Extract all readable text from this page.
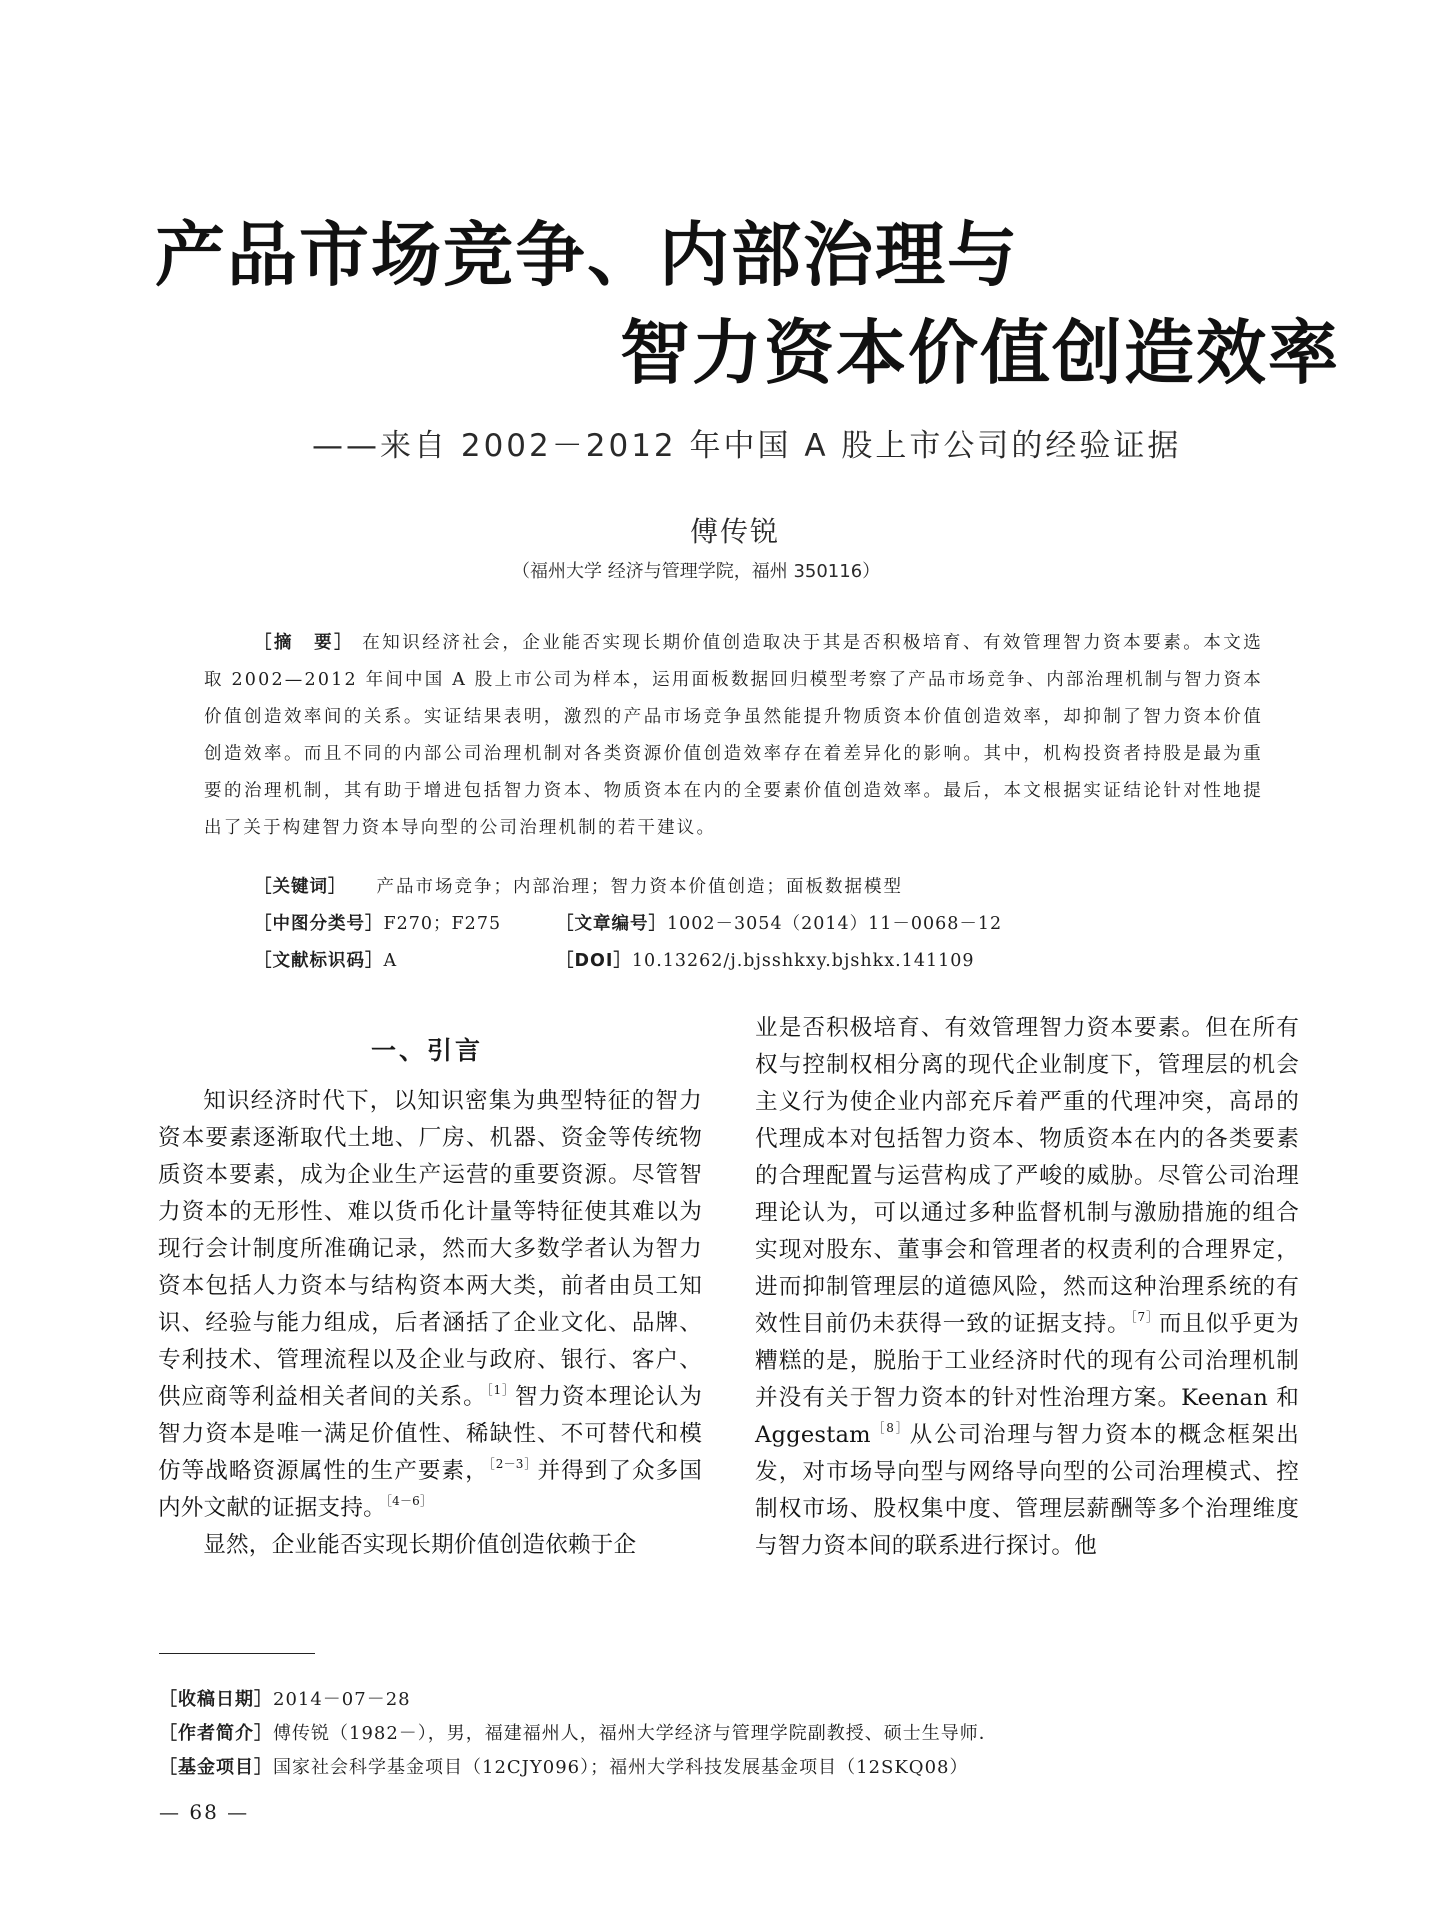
产品市场竞争、内部治理与
智力资本价值创造效率
——来自 2002－2012 年中国 A 股上市公司的经验证据
傅传锐
（福州大学 经济与管理学院，福州 350116）
［摘　要］ 在知识经济社会，企业能否实现长期价值创造取决于其是否积极培育、有效管理智力资本要素。本文选取 2002—2012 年间中国 A 股上市公司为样本，运用面板数据回归模型考察了产品市场竞争、内部治理机制与智力资本价值创造效率间的关系。实证结果表明，激烈的产品市场竞争虽然能提升物质资本价值创造效率，却抑制了智力资本价值创造效率。而且不同的内部公司治理机制对各类资源价值创造效率存在着差异化的影响。其中，机构投资者持股是最为重要的治理机制，其有助于增进包括智力资本、物质资本在内的全要素价值创造效率。最后，本文根据实证结论针对性地提出了关于构建智力资本导向型的公司治理机制的若干建议。
［关键词］ 产品市场竞争；内部治理；智力资本价值创造；面板数据模型
［中图分类号］F270；F275	［文章编号］1002－3054（2014）11－0068－12
［文献标识码］A	［DOI］10.13262/j.bjsshkxy.bjshkx.141109
一、引言

知识经济时代下，以知识密集为典型特征的智力资本要素逐渐取代土地、厂房、机器、资金等传统物质资本要素，成为企业生产运营的重要资源。尽管智力资本的无形性、难以货币化计量等特征使其难以为现行会计制度所准确记录，然而大多数学者认为智力资本包括人力资本与结构资本两大类，前者由员工知识、经验与能力组成，后者涵括了企业文化、品牌、专利技术、管理流程以及企业与政府、银行、客户、供应商等利益相关者间的关系。$^{[1]}$智力资本理论认为智力资本是唯一满足价值性、稀缺性、不可替代和模仿等战略资源属性的生产要素，$^{[2-3]}$并得到了众多国内外文献的证据支持。$^{[4-6]}$

显然，企业能否实现长期价值创造依赖于企

业是否积极培育、有效管理智力资本要素。但在所有权与控制权相分离的现代企业制度下，管理层的机会主义行为使企业内部充斥着严重的代理冲突，高昂的代理成本对包括智力资本、物质资本在内的各类要素的合理配置与运营构成了严峻的威胁。尽管公司治理理论认为，可以通过多种监督机制与激励措施的组合实现对股东、董事会和管理者的权责利的合理界定，进而抑制管理层的道德风险，然而这种治理系统的有效性目前仍未获得一致的证据支持。$^{[7]}$而且似乎更为糟糕的是，脱胎于工业经济时代的现有公司治理机制并没有关于智力资本的针对性治理方案。Keenan 和 Aggestam$^{[8]}$从公司治理与智力资本的概念框架出发，对市场导向型与网络导向型的公司治理模式、控制权市场、股权集中度、管理层薪酬等多个治理维度与智力资本间的联系进行探讨。他

［收稿日期］2014－07－28
［作者简介］傅传锐（1982－），男，福建福州人，福州大学经济与管理学院副教授、硕士生导师．
［基金项目］国家社会科学基金项目（12CJY096）；福州大学科技发展基金项目（12SKQ08）
— 68 —
